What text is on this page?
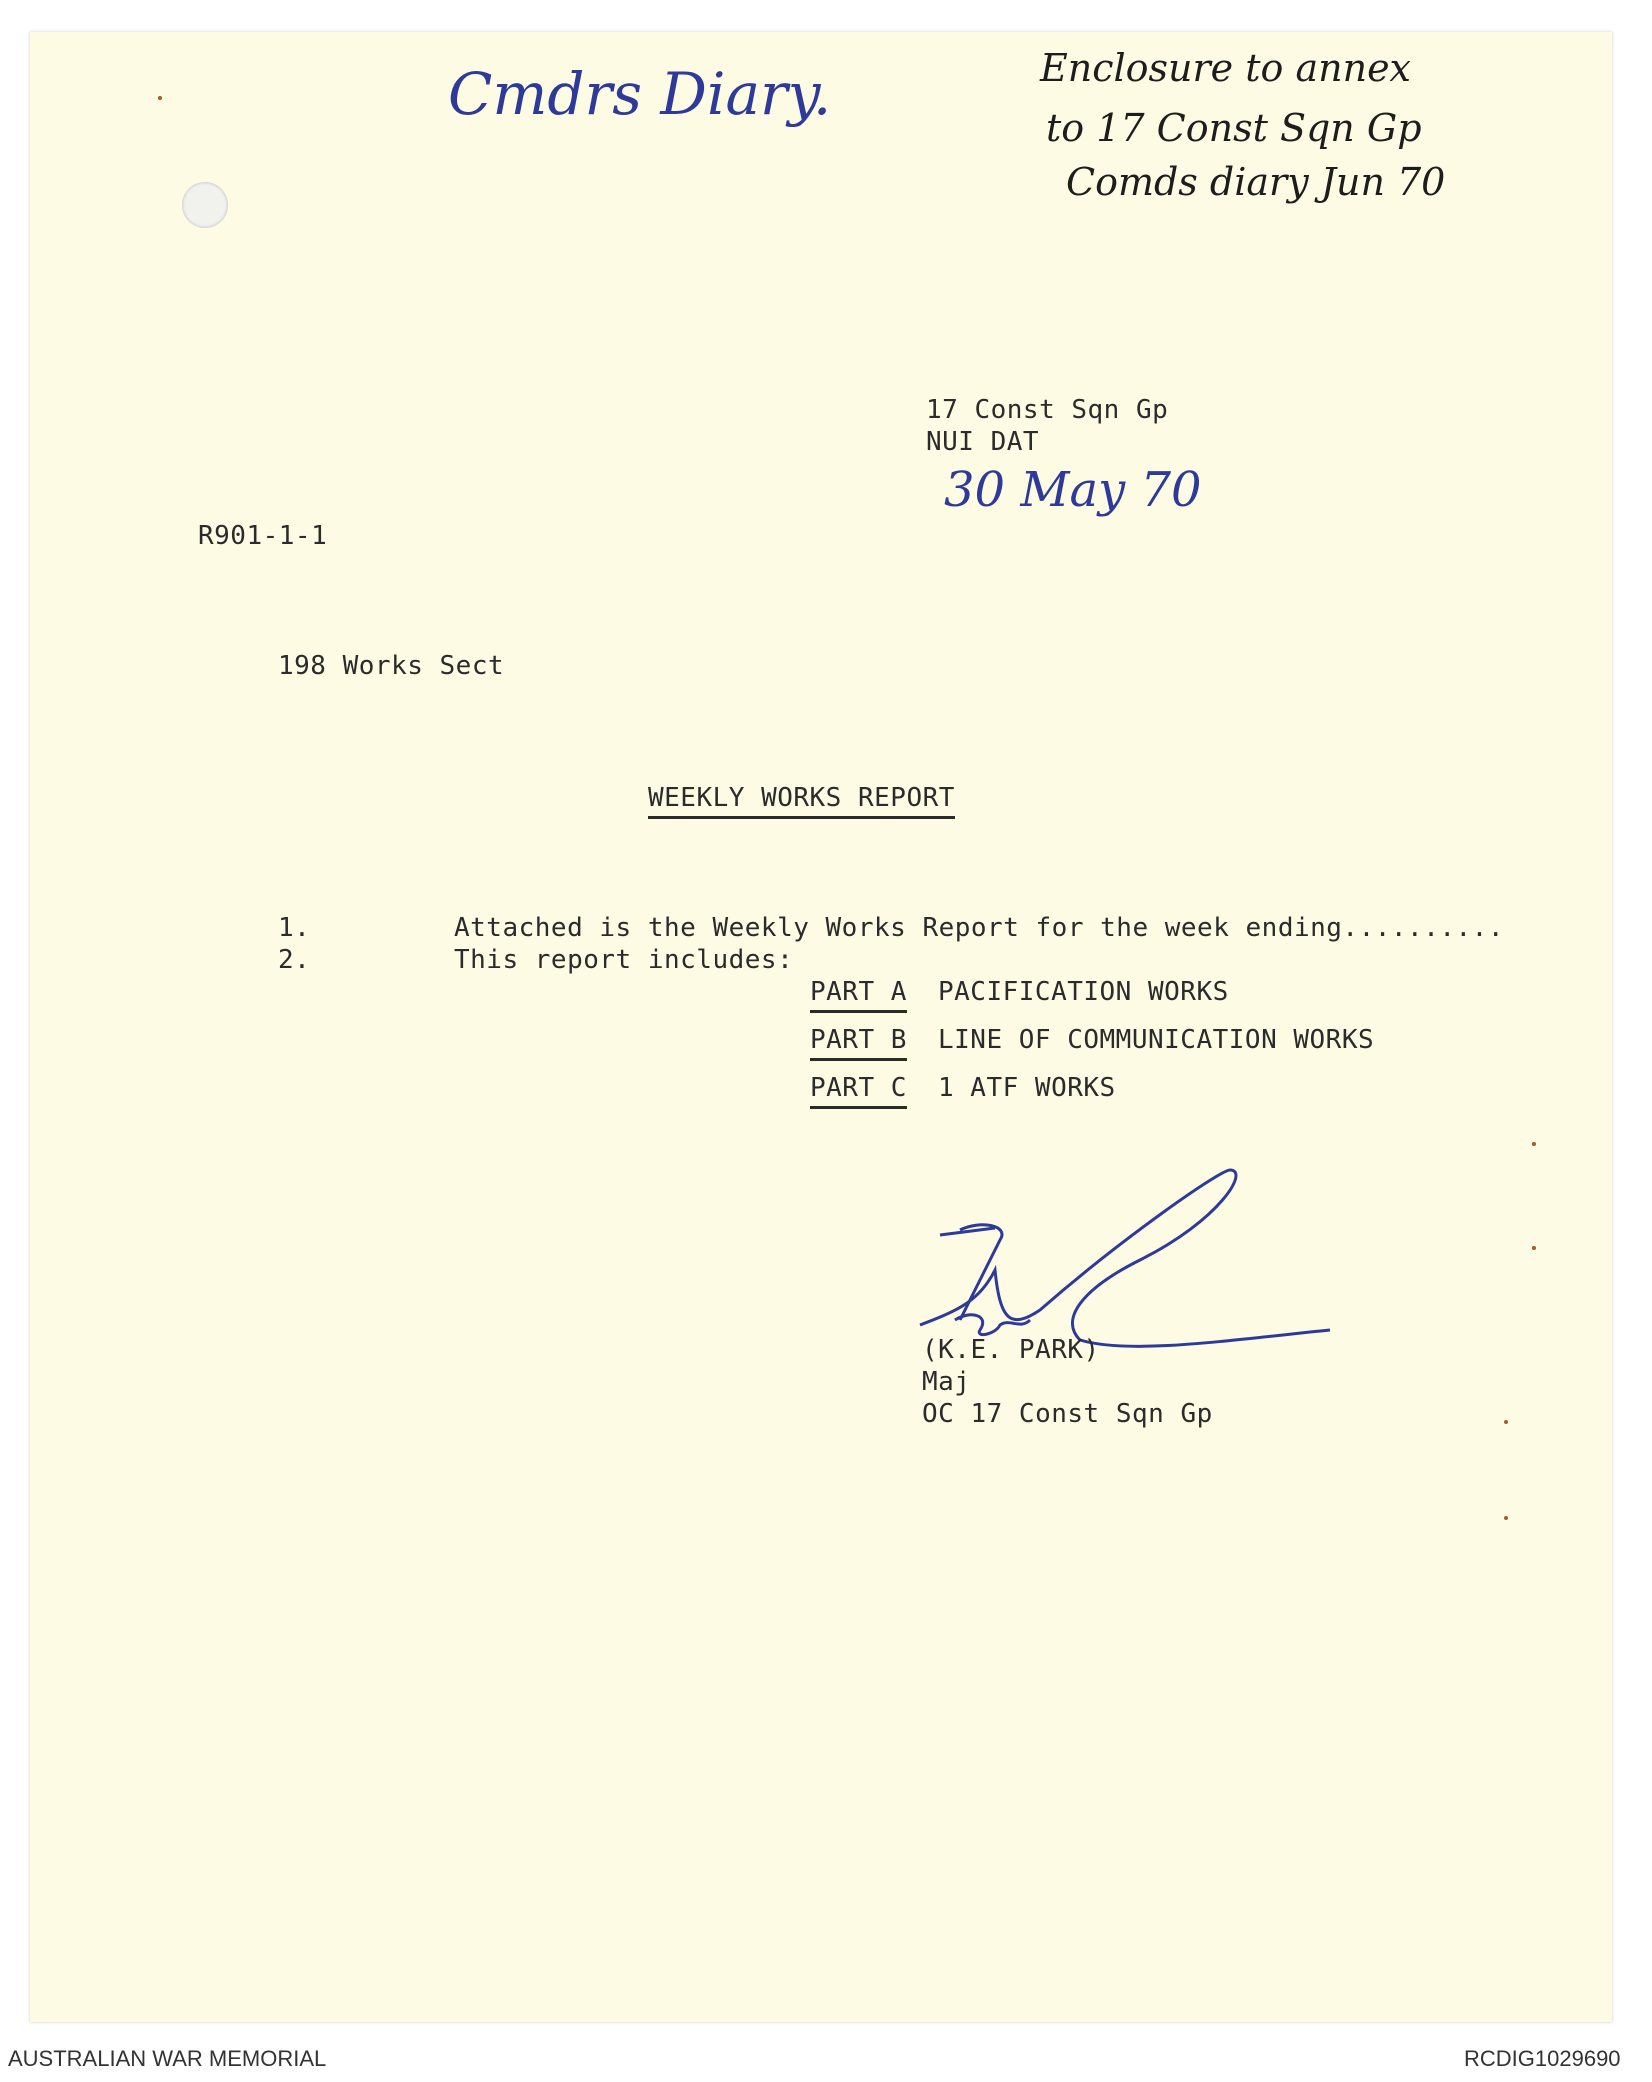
Cmdrs Diary.	Enclosure to annex
to 17 Const Sqn Gp
Comds diary Jun 70
17 Const Sqn Gp
NUI DAT
30 May 70
R901-1-1
198 Works Sect
WEEKLY WORKS REPORT
1.	Attached is the Weekly Works Report for the week ending..........
2.	This report includes:
PART A PACIFICATION WORKS
PART B LINE OF COMMUNICATION WORKS
PART C 1 ATF WORKS
(K.E. PARK)
Maj
OC 17 Const Sqn Gp
AUSTRALIAN WAR MEMORIAL	RCDIG1029690
